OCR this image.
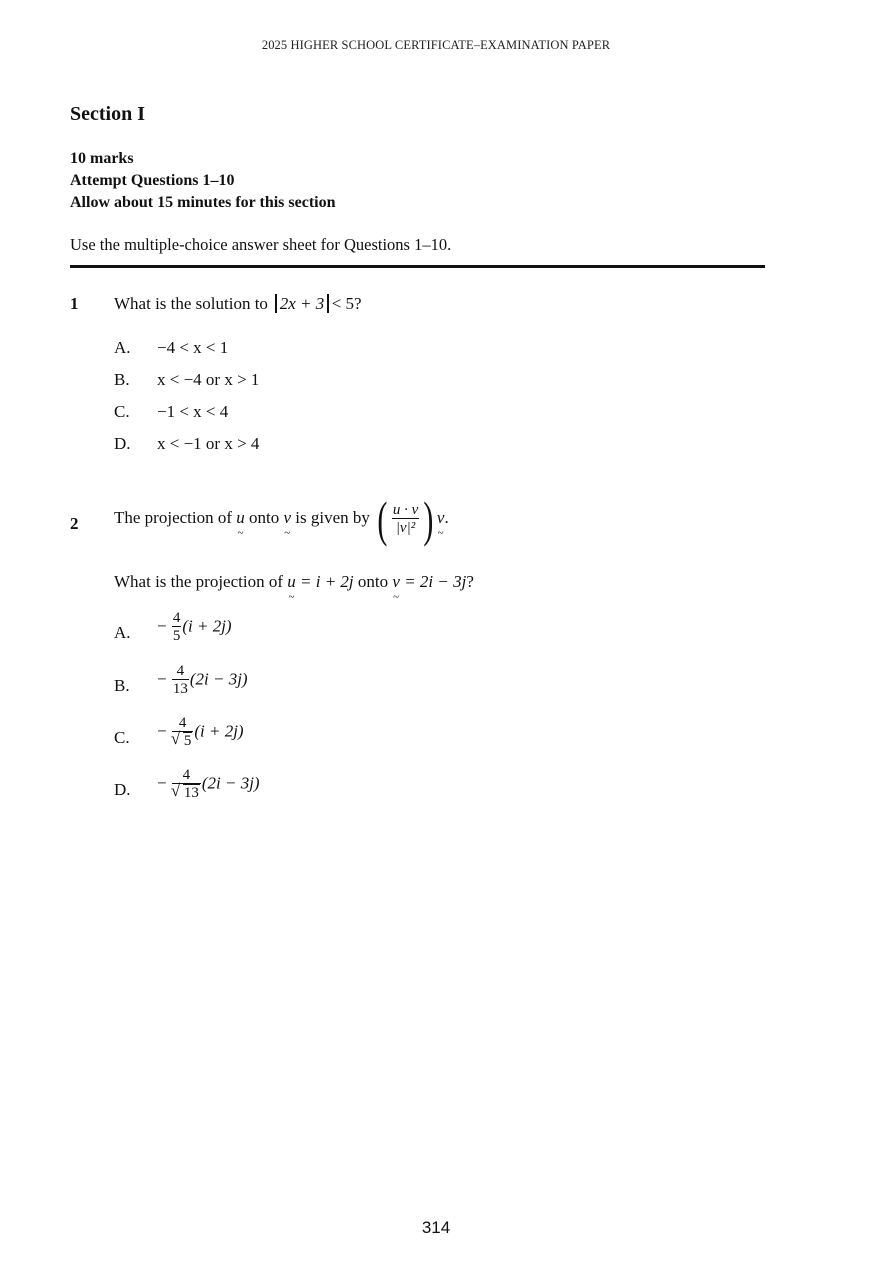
2025 HIGHER SCHOOL CERTIFICATE–EXAMINATION PAPER
Section I
10 marks
Attempt Questions 1–10
Allow about 15 minutes for this section
Use the multiple-choice answer sheet for Questions 1–10.
1 What is the solution to 2x + 3 < 5?
A. −4 < x < 1
B. x < −4 or x > 1
C. −1 < x < 4
D. x < −1 or x > 4
2 The projection of u ~ onto v ~ is given by ( $\frac{u \cdot v}{\text{|v|²}}$ ) v ~.
What is the projection of u ~ = i + 2j onto v ~ = 2i − 3j?
A. − $\frac{4}{5} (i + 2j)$
B. − $\frac{4}{13} (2i - 3j)$
C. − 4
√ 5 (i + 2j)
D. − 4
√ 13 (2i − 3j)
314
